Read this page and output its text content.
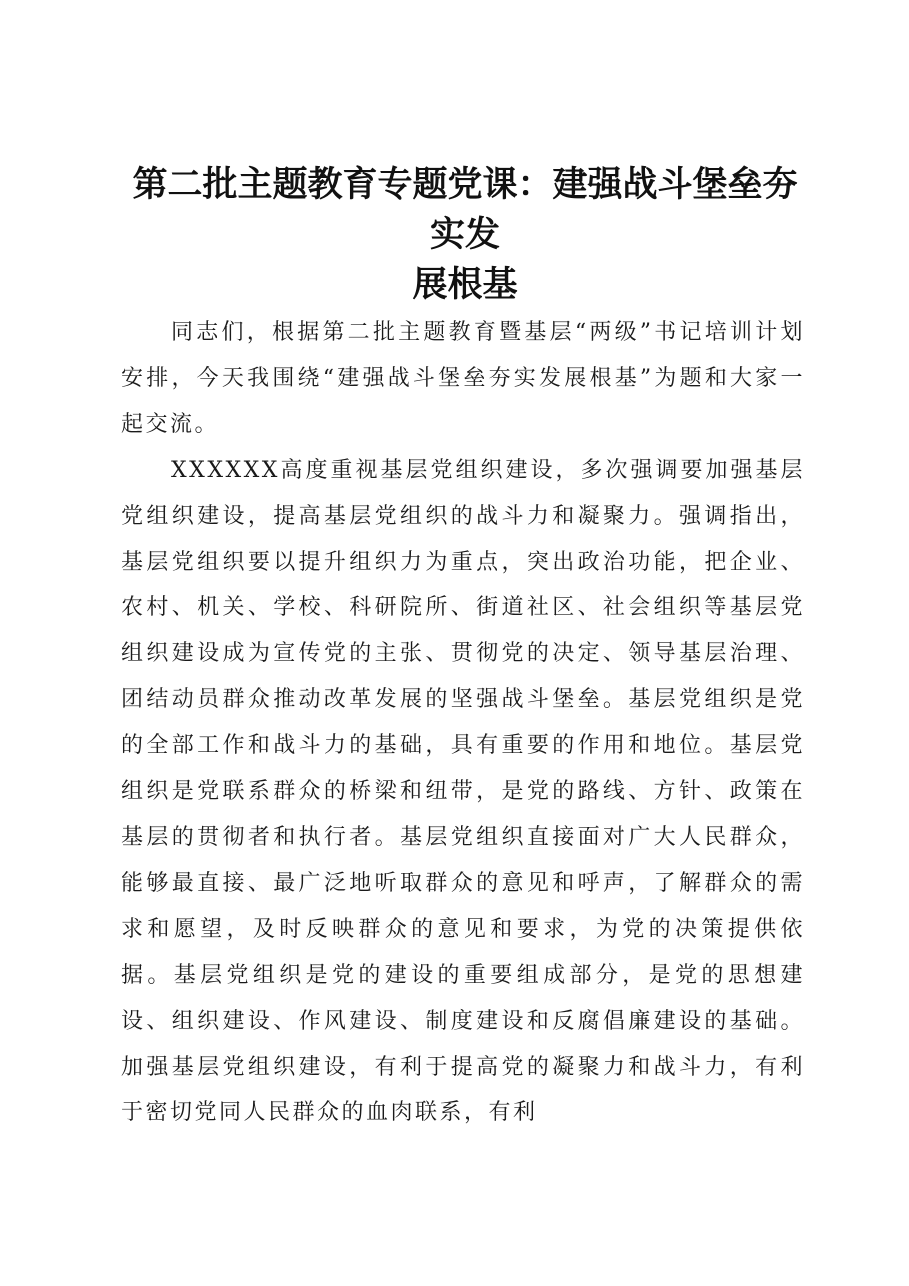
第二批主题教育专题党课：建强战斗堡垒夯实发
展根基

同志们，根据第二批主题教育暨基层“两级”书记培训计划安排，今天我围绕“建强战斗堡垒夯实发展根基”为题和大家一起交流。

XXXXXX高度重视基层党组织建设，多次强调要加强基层党组织建设，提高基层党组织的战斗力和凝聚力。强调指出，基层党组织要以提升组织力为重点，突出政治功能，把企业、农村、机关、学校、科研院所、街道社区、社会组织等基层党组织建设成为宣传党的主张、贯彻党的决定、领导基层治理、团结动员群众推动改革发展的坚强战斗堡垒。基层党组织是党的全部工作和战斗力的基础，具有重要的作用和地位。基层党组织是党联系群众的桥梁和纽带，是党的路线、方针、政策在基层的贯彻者和执行者。基层党组织直接面对广大人民群众，能够最直接、最广泛地听取群众的意见和呼声，了解群众的需求和愿望，及时反映群众的意见和要求，为党的决策提供依据。基层党组织是党的建设的重要组成部分，是党的思想建设、组织建设、作风建设、制度建设和反腐倡廉建设的基础。加强基层党组织建设，有利于提高党的凝聚力和战斗力，有利于密切党同人民群众的血肉联系，有利
